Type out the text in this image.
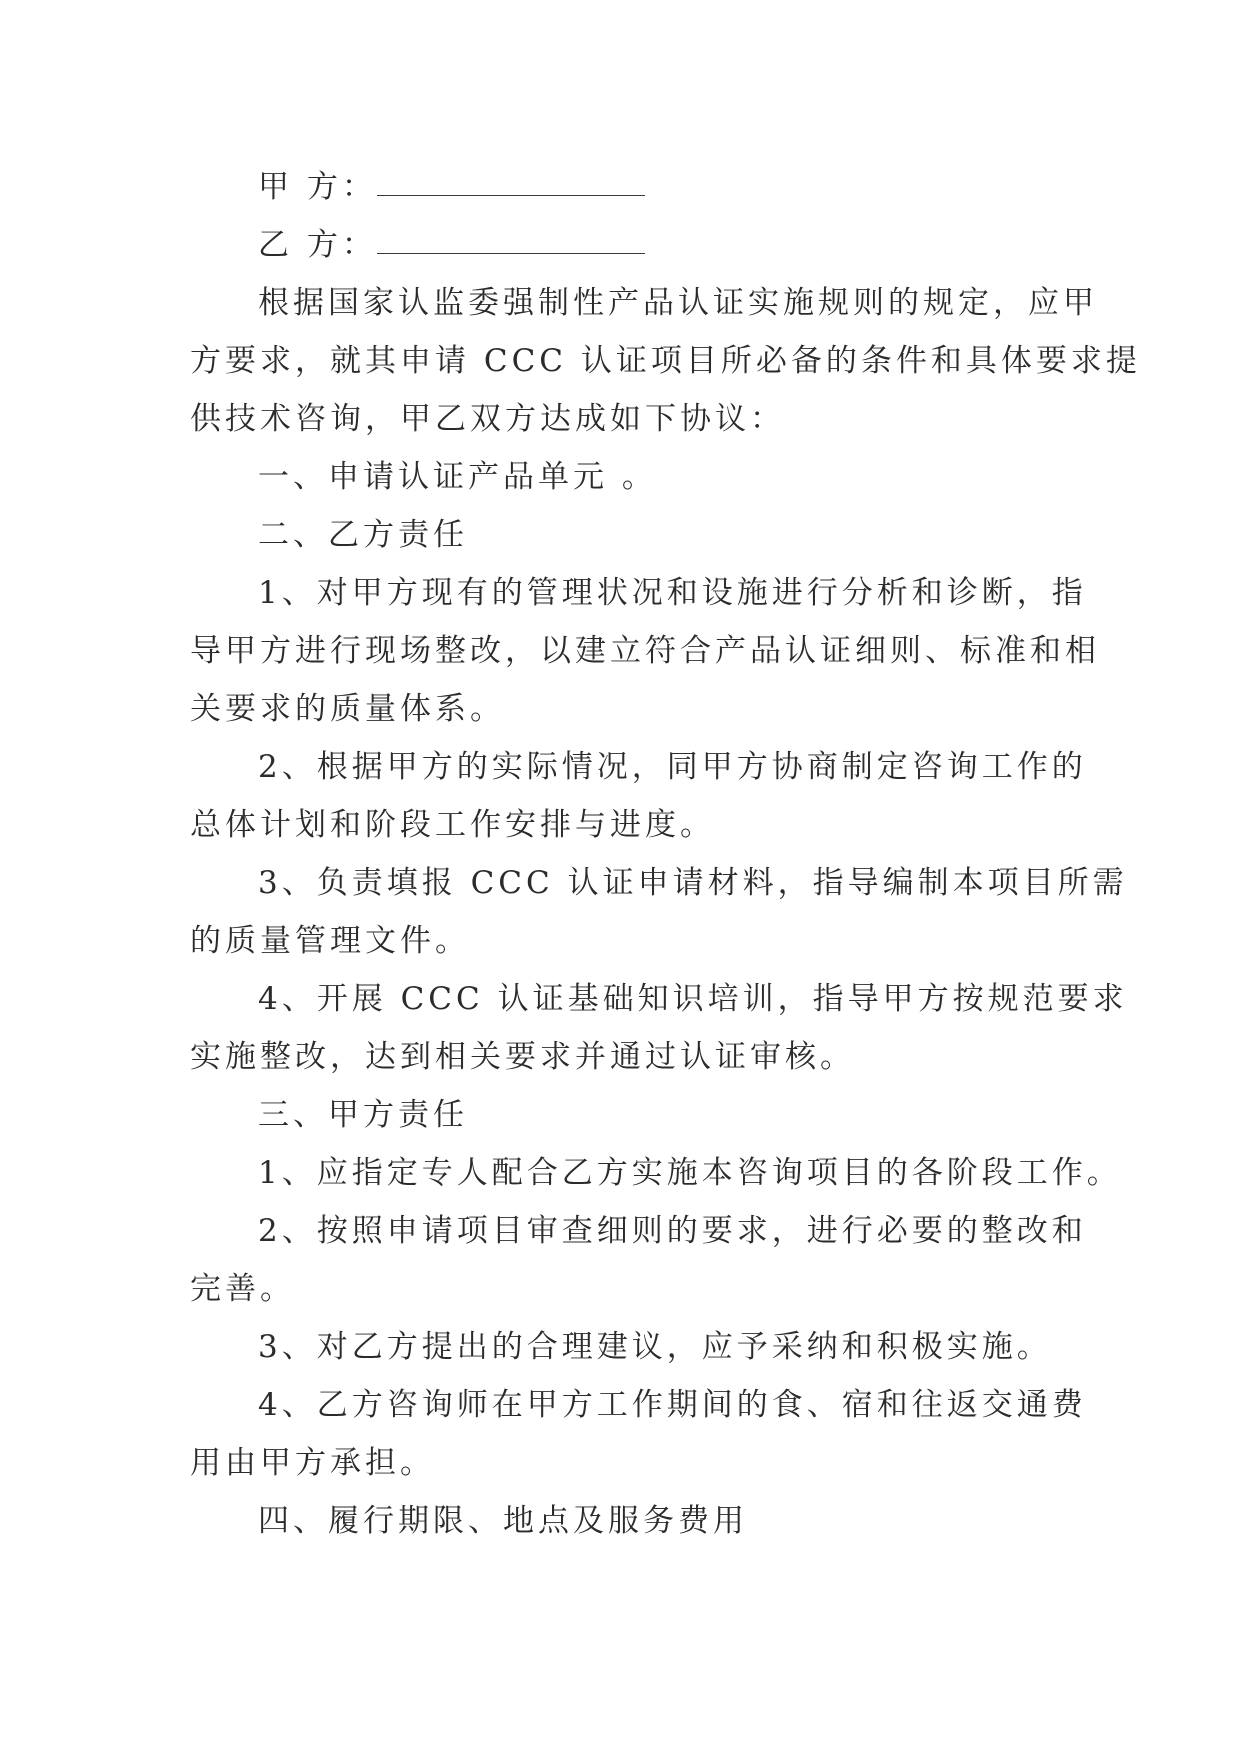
甲 方：
乙 方：
根据国家认监委强制性产品认证实施规则的规定，应甲
方要求，就其申请 CCC 认证项目所必备的条件和具体要求提
供技术咨询，甲乙双方达成如下协议：
一、申请认证产品单元 。
二、乙方责任
1、对甲方现有的管理状况和设施进行分析和诊断，指
导甲方进行现场整改，以建立符合产品认证细则、标准和相
关要求的质量体系。
2、根据甲方的实际情况，同甲方协商制定咨询工作的
总体计划和阶段工作安排与进度。
3、负责填报 CCC 认证申请材料，指导编制本项目所需
的质量管理文件。
4、开展 CCC 认证基础知识培训，指导甲方按规范要求
实施整改，达到相关要求并通过认证审核。
三、甲方责任
1、应指定专人配合乙方实施本咨询项目的各阶段工作。
2、按照申请项目审查细则的要求，进行必要的整改和
完善。
3、对乙方提出的合理建议，应予采纳和积极实施。
4、乙方咨询师在甲方工作期间的食、宿和往返交通费
用由甲方承担。
四、履行期限、地点及服务费用
